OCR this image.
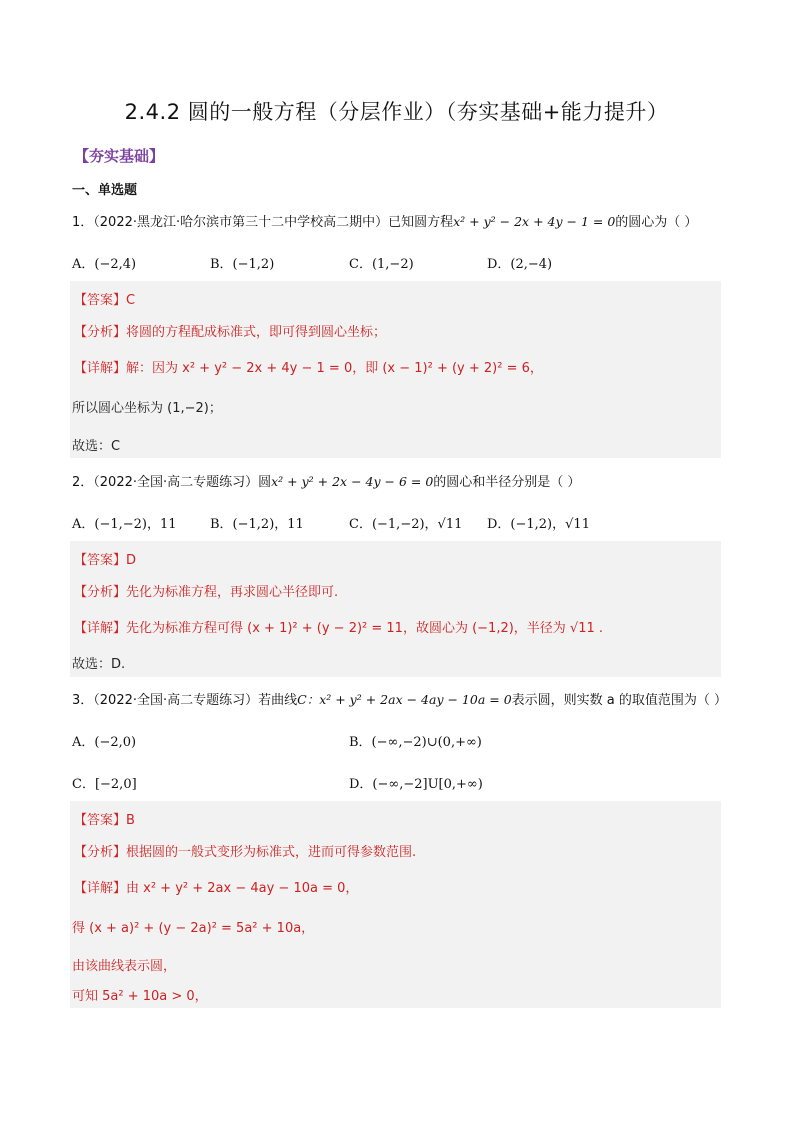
2.4.2 圆的一般方程（分层作业）（夯实基础+能力提升）
【夯实基础】
一、单选题
1．（2022·黑龙江·哈尔滨市第三十二中学校高二期中）已知圆方程x² + y² − 2x + 4y − 1 = 0的圆心为（ ）
A．(−2,4)	B．(−1,2)	C．(1,−2)	D．(2,−4)
【答案】C
【分析】将圆的方程配成标准式，即可得到圆心坐标；
【详解】解：因为 x² + y² − 2x + 4y − 1 = 0，即 (x − 1)² + (y + 2)² = 6，
所以圆心坐标为 (1,−2)；
故选：C
2．（2022·全国·高二专题练习）圆x² + y² + 2x − 4y − 6 = 0的圆心和半径分别是（ ）
A．(−1,−2)，11	B．(−1,2)，11	C．(−1,−2)，√11 D．(−1,2)，√11
【答案】D
【分析】先化为标准方程，再求圆心半径即可.
【详解】先化为标准方程可得 (x + 1)² + (y − 2)² = 11，故圆心为 (−1,2)，半径为 √11 .
故选：D.
3．（2022·全国·高二专题练习）若曲线C：x² + y² + 2ax − 4ay − 10a = 0表示圆，则实数 a 的取值范围为（ ）
A．(−2,0)	B．(−∞,−2)∪(0,+∞)
C．[−2,0]	D．(−∞,−2]U[0,+∞)
【答案】B
【分析】根据圆的一般式变形为标准式，进而可得参数范围.
【详解】由 x² + y² + 2ax − 4ay − 10a = 0，
得 (x + a)² + (y − 2a)² = 5a² + 10a，
由该曲线表示圆，
可知 5a² + 10a > 0，
